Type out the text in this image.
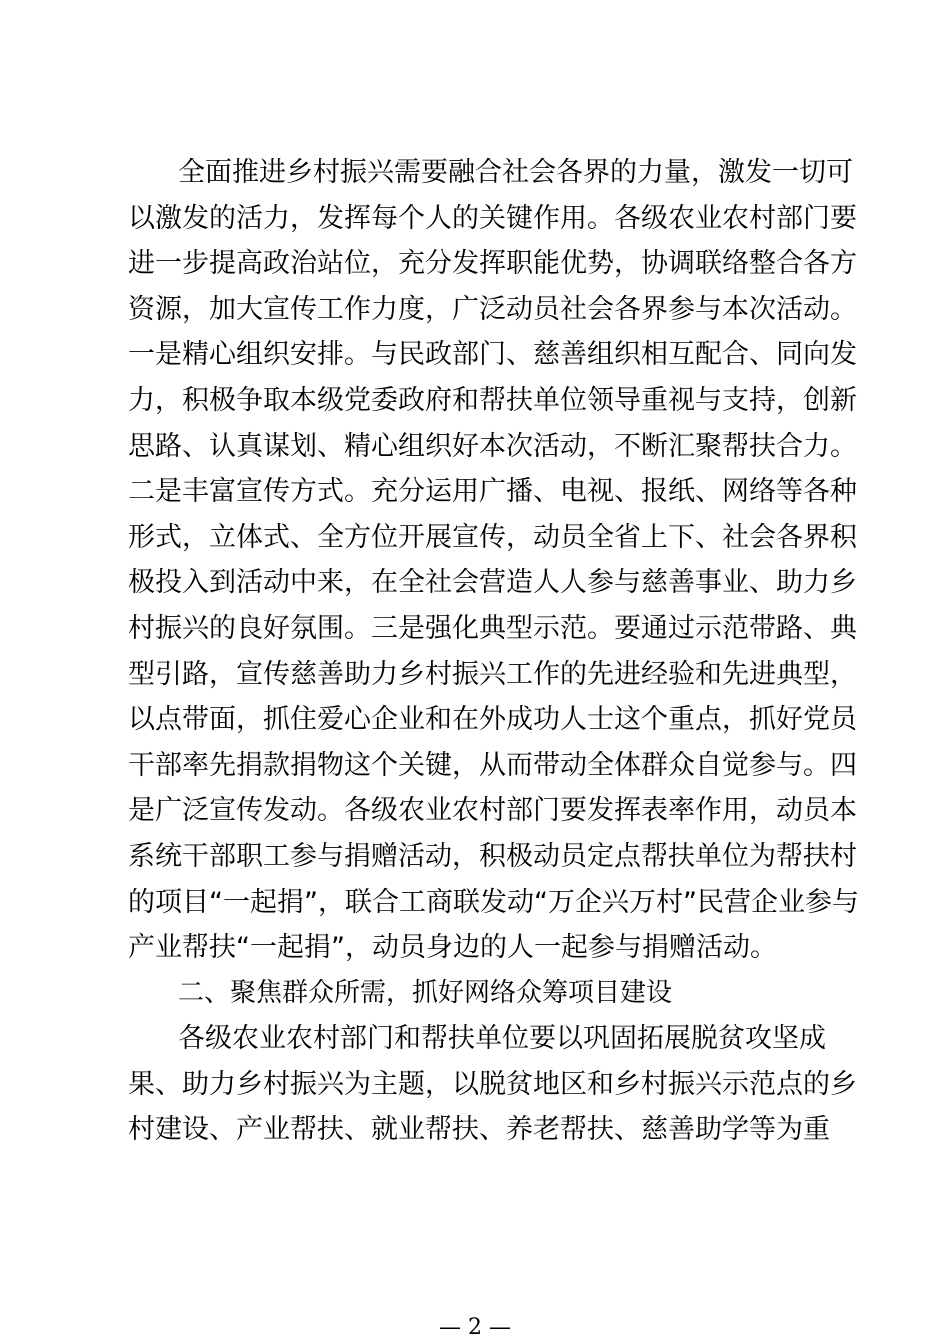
全面推进乡村振兴需要融合社会各界的力量，激发一切可
以激发的活力，发挥每个人的关键作用。各级农业农村部门要
进一步提高政治站位，充分发挥职能优势，协调联络整合各方
资源，加大宣传工作力度，广泛动员社会各界参与本次活动。
一是精心组织安排。与民政部门、慈善组织相互配合、同向发
力，积极争取本级党委政府和帮扶单位领导重视与支持，创新
思路、认真谋划、精心组织好本次活动，不断汇聚帮扶合力。
二是丰富宣传方式。充分运用广播、电视、报纸、网络等各种
形式，立体式、全方位开展宣传，动员全省上下、社会各界积
极投入到活动中来，在全社会营造人人参与慈善事业、助力乡
村振兴的良好氛围。三是强化典型示范。要通过示范带路、典
型引路，宣传慈善助力乡村振兴工作的先进经验和先进典型，
以点带面，抓住爱心企业和在外成功人士这个重点，抓好党员
干部率先捐款捐物这个关键，从而带动全体群众自觉参与。四
是广泛宣传发动。各级农业农村部门要发挥表率作用，动员本
系统干部职工参与捐赠活动，积极动员定点帮扶单位为帮扶村
的项目“一起捐”，联合工商联发动“万企兴万村”民营企业参与
产业帮扶“一起捐”，动员身边的人一起参与捐赠活动。
二、聚焦群众所需，抓好网络众筹项目建设
各级农业农村部门和帮扶单位要以巩固拓展脱贫攻坚成
果、助力乡村振兴为主题，以脱贫地区和乡村振兴示范点的乡
村建设、产业帮扶、就业帮扶、养老帮扶、慈善助学等为重
— 2 —
